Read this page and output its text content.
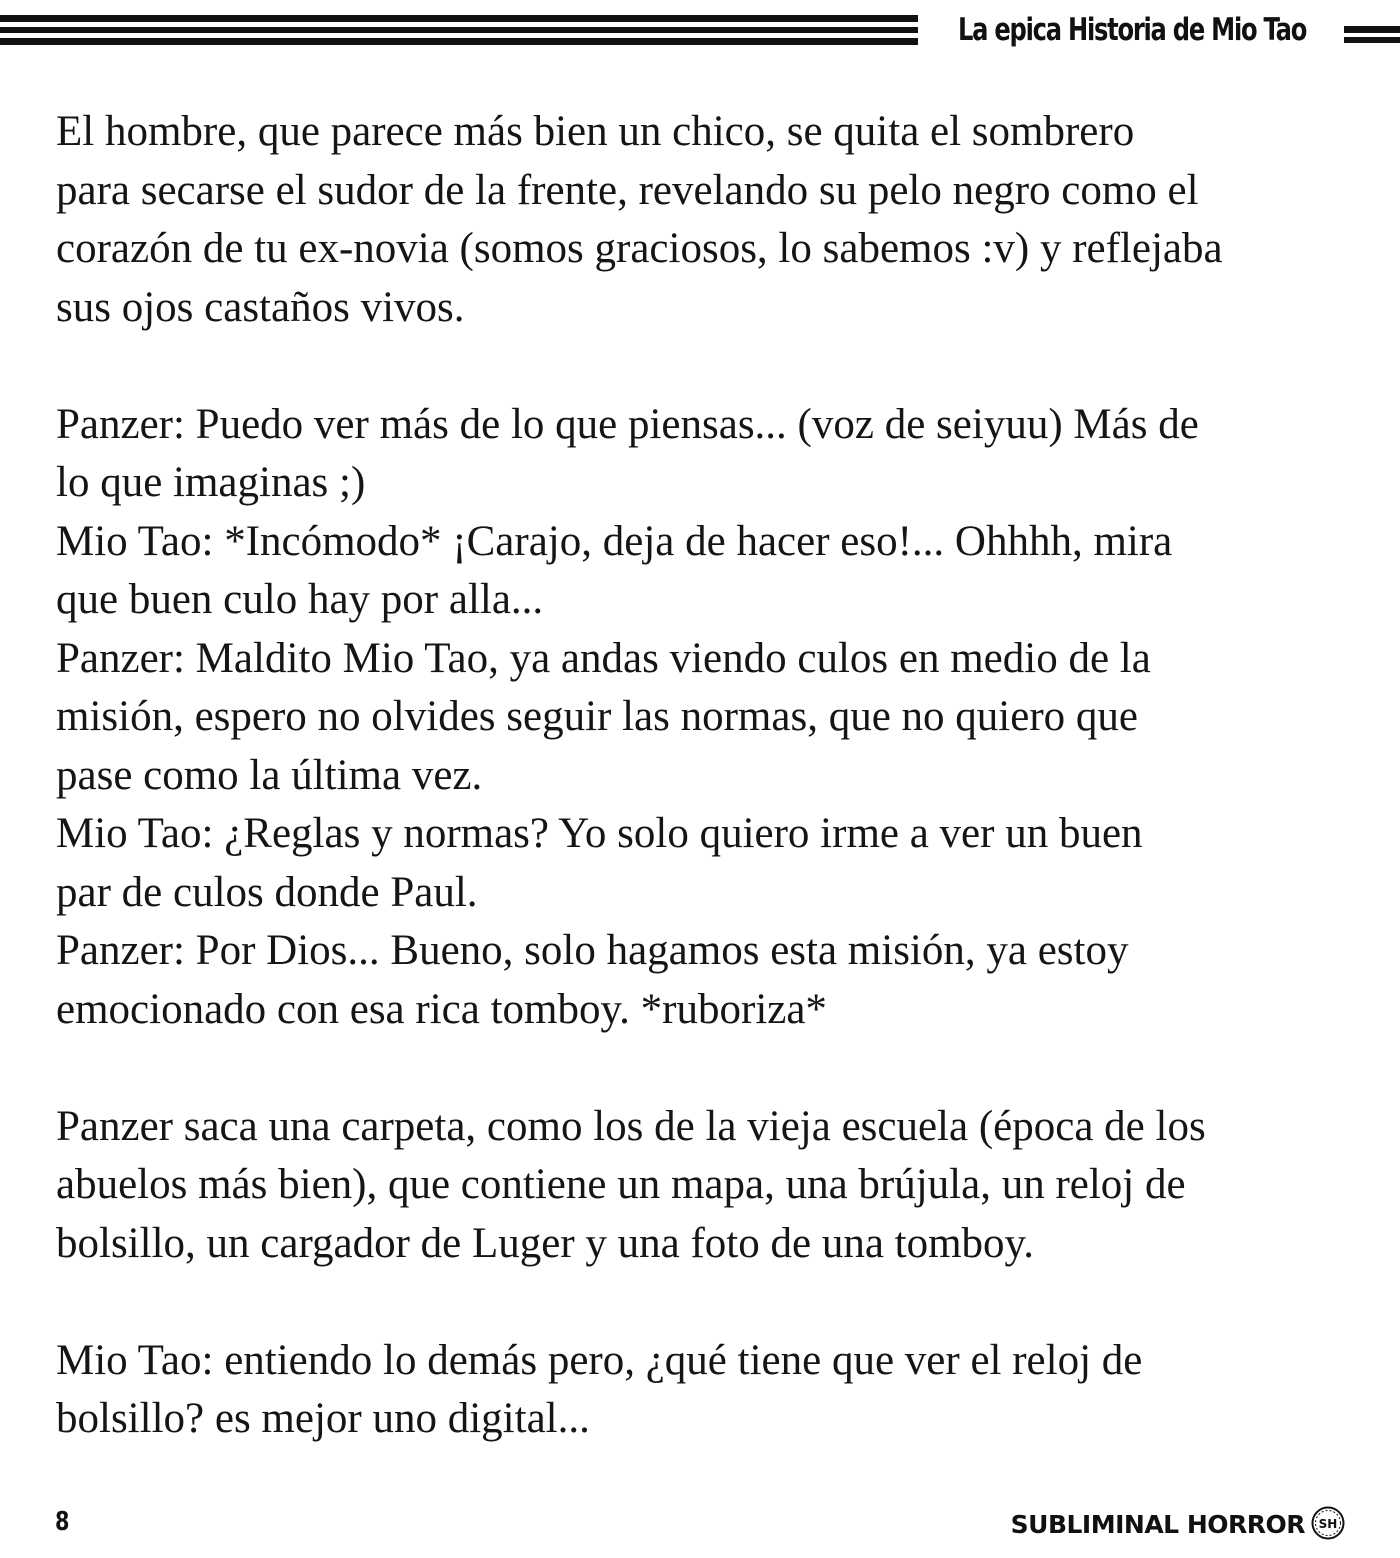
La epica Historia de Mio Tao

El hombre, que parece más bien un chico, se quita el sombrero
para secarse el sudor de la frente, revelando su pelo negro como el
corazón de tu ex-novia (somos graciosos, lo sabemos :v) y reflejaba
sus ojos castaños vivos.

Panzer: Puedo ver más de lo que piensas... (voz de seiyuu) Más de
lo que imaginas ;)
Mio Tao: *Incómodo* ¡Carajo, deja de hacer eso!... Ohhhh, mira
que buen culo hay por alla...
Panzer: Maldito Mio Tao, ya andas viendo culos en medio de la
misión, espero no olvides seguir las normas, que no quiero que
pase como la última vez.
Mio Tao: ¿Reglas y normas? Yo solo quiero irme a ver un buen
par de culos donde Paul.
Panzer: Por Dios... Bueno, solo hagamos esta misión, ya estoy
emocionado con esa rica tomboy. *ruboriza*

Panzer saca una carpeta, como los de la vieja escuela (época de los
abuelos más bien), que contiene un mapa, una brújula, un reloj de
bolsillo, un cargador de Luger y una foto de una tomboy.

Mio Tao: entiendo lo demás pero, ¿qué tiene que ver el reloj de
bolsillo? es mejor uno digital...

8	SUBLIMINAL HORROR SH
